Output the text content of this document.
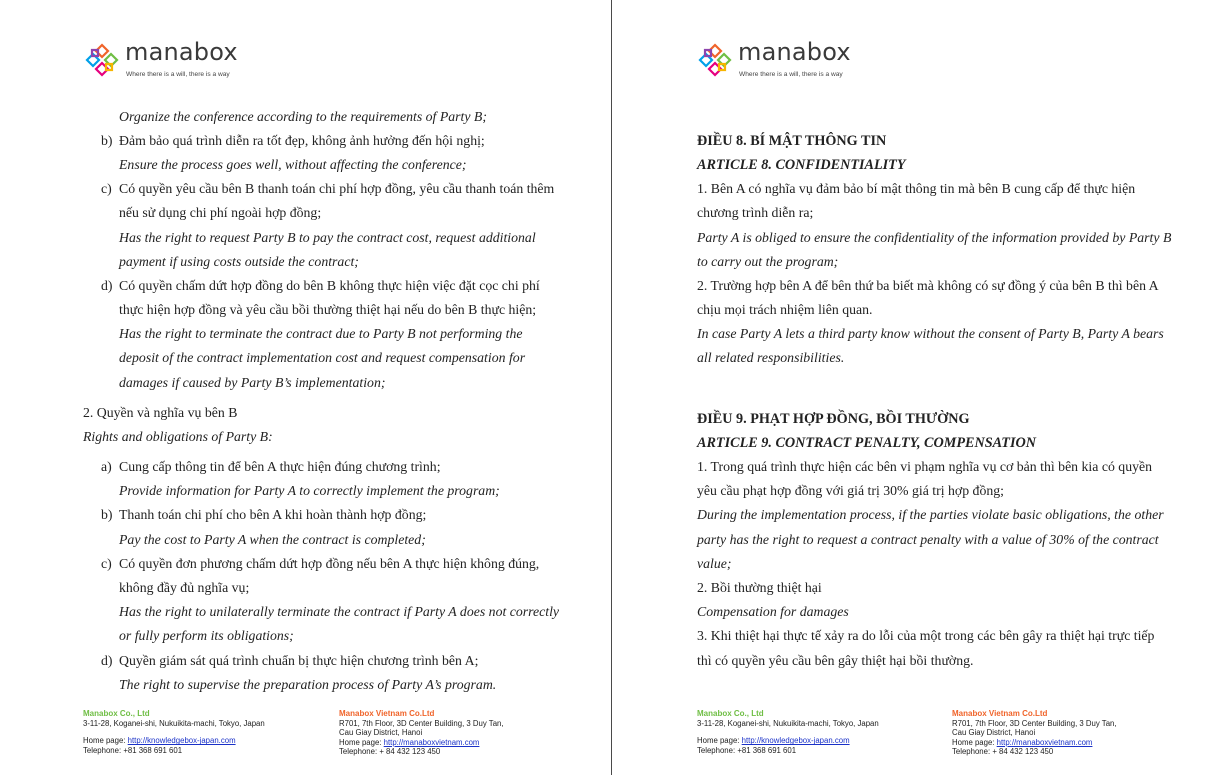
manabox
Where there is a will, there is a way
Organize the conference according to the requirements of Party B;
b) Đảm bảo quá trình diễn ra tốt đẹp, không ảnh hưởng đến hội nghị;
Ensure the process goes well, without affecting the conference;
c) Có quyền yêu cầu bên B thanh toán chi phí hợp đồng, yêu cầu thanh toán thêm
nếu sử dụng chi phí ngoài hợp đồng;
Has the right to request Party B to pay the contract cost, request additional
payment if using costs outside the contract;
d) Có quyền chấm dứt hợp đồng do bên B không thực hiện việc đặt cọc chi phí
thực hiện hợp đồng và yêu cầu bồi thường thiệt hại nếu do bên B thực hiện;
Has the right to terminate the contract due to Party B not performing the
deposit of the contract implementation cost and request compensation for
damages if caused by Party B’s implementation;
2. Quyền và nghĩa vụ bên B
Rights and obligations of Party B:
a) Cung cấp thông tin để bên A thực hiện đúng chương trình;
Provide information for Party A to correctly implement the program;
b) Thanh toán chi phí cho bên A khi hoàn thành hợp đồng;
Pay the cost to Party A when the contract is completed;
c) Có quyền đơn phương chấm dứt hợp đồng nếu bên A thực hiện không đúng,
không đầy đủ nghĩa vụ;
Has the right to unilaterally terminate the contract if Party A does not correctly
or fully perform its obligations;
d) Quyền giám sát quá trình chuẩn bị thực hiện chương trình bên A;
The right to supervise the preparation process of Party A’s program.
Manabox Co., Ltd
3-11-28, Koganei-shi, Nukuikita-machi, Tokyo, Japan
Home page: http://knowledgebox-japan.com
Telephone: +81 368 691 601
Manabox Vietnam Co.Ltd
R701, 7th Floor, 3D Center Building, 3 Duy Tan,
Cau Giay District, Hanoi
Home page: http://manaboxvietnam.com
Telephone: + 84 432 123 450
manabox
Where there is a will, there is a way
ĐIỀU 8. BÍ MẬT THÔNG TIN
ARTICLE 8. CONFIDENTIALITY
1. Bên A có nghĩa vụ đảm bảo bí mật thông tin mà bên B cung cấp để thực hiện
chương trình diễn ra;
Party A is obliged to ensure the confidentiality of the information provided by Party B
to carry out the program;
2. Trường hợp bên A để bên thứ ba biết mà không có sự đồng ý của bên B thì bên A
chịu mọi trách nhiệm liên quan.
In case Party A lets a third party know without the consent of Party B, Party A bears
all related responsibilities.
ĐIỀU 9. PHẠT HỢP ĐỒNG, BỒI THƯỜNG
ARTICLE 9. CONTRACT PENALTY, COMPENSATION
1. Trong quá trình thực hiện các bên vi phạm nghĩa vụ cơ bản thì bên kia có quyền
yêu cầu phạt hợp đồng với giá trị 30% giá trị hợp đồng;
During the implementation process, if the parties violate basic obligations, the other
party has the right to request a contract penalty with a value of 30% of the contract
value;
2. Bồi thường thiệt hại
Compensation for damages
3. Khi thiệt hại thực tế xảy ra do lỗi của một trong các bên gây ra thiệt hại trực tiếp
thì có quyền yêu cầu bên gây thiệt hại bồi thường.
Manabox Co., Ltd
3-11-28, Koganei-shi, Nukuikita-machi, Tokyo, Japan
Home page: http://knowledgebox-japan.com
Telephone: +81 368 691 601
Manabox Vietnam Co.Ltd
R701, 7th Floor, 3D Center Building, 3 Duy Tan,
Cau Giay District, Hanoi
Home page: http://manaboxvietnam.com
Telephone: + 84 432 123 450
